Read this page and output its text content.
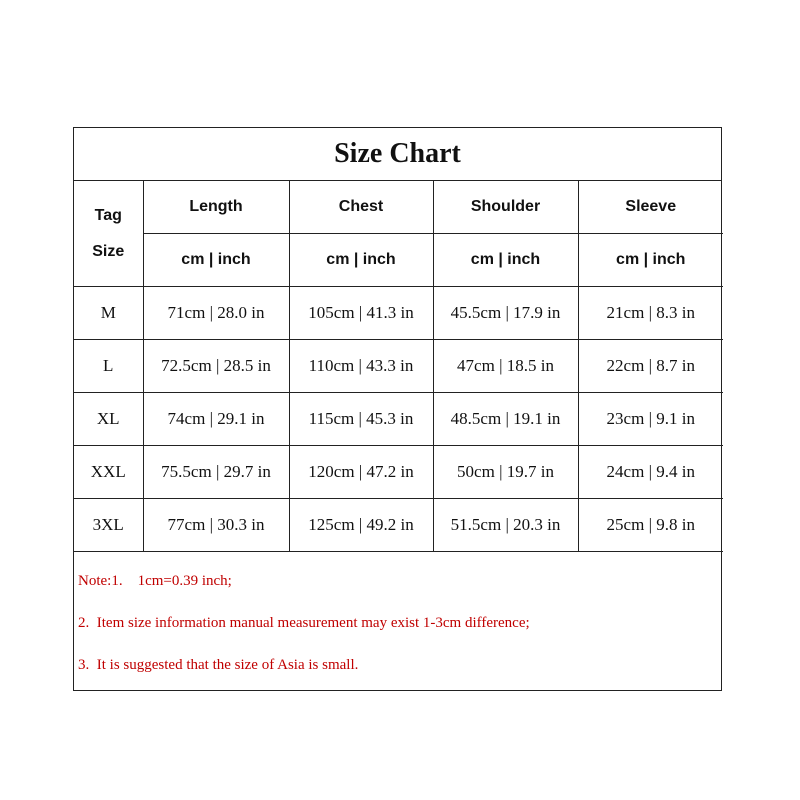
Size Chart
Tag
Size	Length	Chest	Shoulder	Sleeve
	cm | inch	cm | inch	cm | inch	cm | inch
M	71cm | 28.0 in	105cm | 41.3 in	45.5cm | 17.9 in	21cm | 8.3 in
L	72.5cm | 28.5 in	110cm | 43.3 in	47cm | 18.5 in	22cm | 8.7 in
XL	74cm | 29.1 in	115cm | 45.3 in	48.5cm | 19.1 in	23cm | 9.1 in
XXL	75.5cm | 29.7 in	120cm | 47.2 in	50cm | 19.7 in	24cm | 9.4 in
3XL	77cm | 30.3 in	125cm | 49.2 in	51.5cm | 20.3 in	25cm | 9.8 in
Note:1.    1cm=0.39 inch;
2.  Item size information manual measurement may exist 1-3cm difference;
3.  It is suggested that the size of Asia is small.
